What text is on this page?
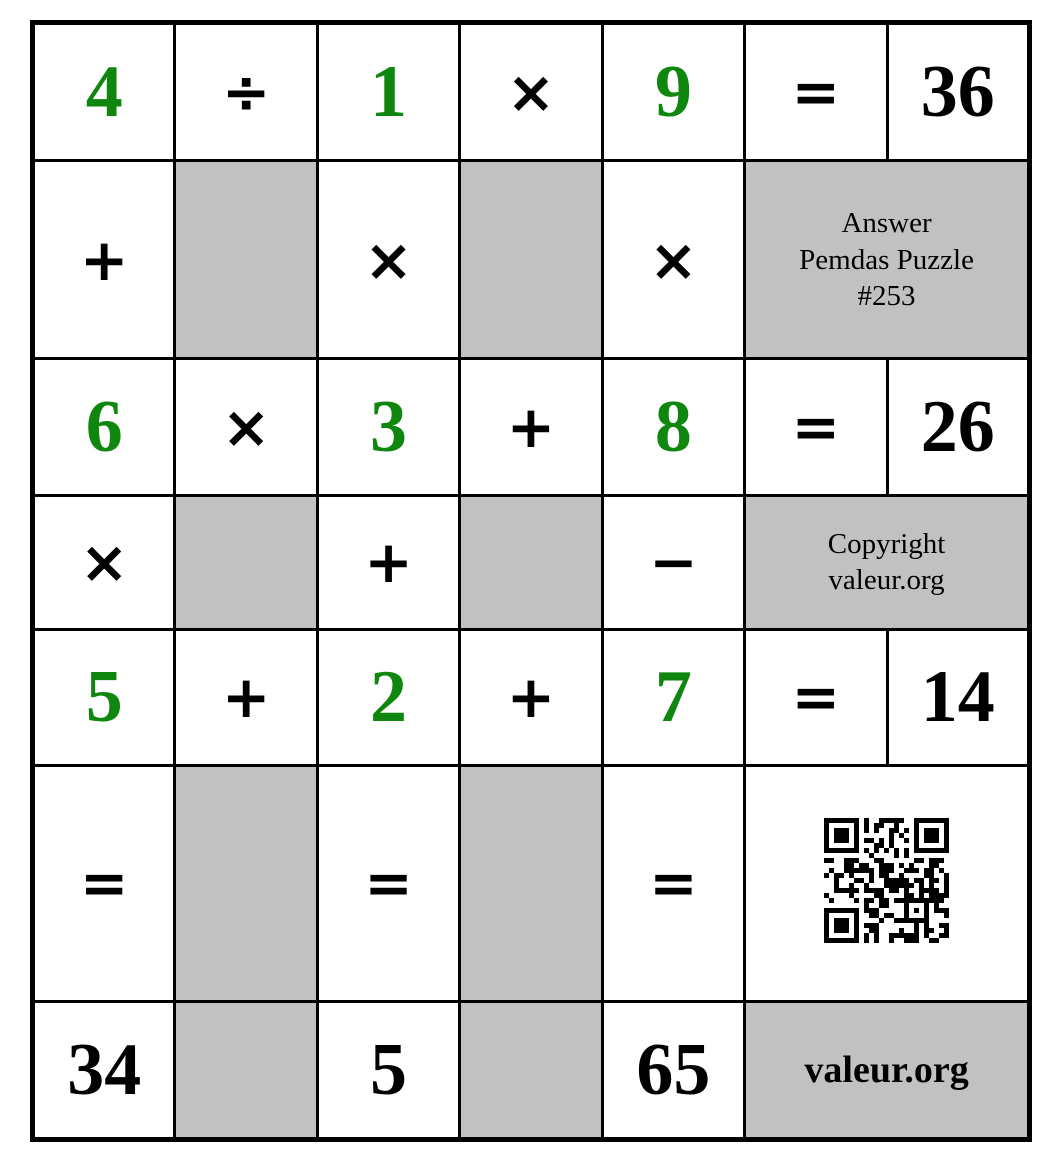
4	÷	1	×	9	=	36
+		×		×	Answer
Pemdas Puzzle
#253	

6	×	3	+	8	=	26
×		+		−	Copyright
valeur.org	

5	+	2	+	7	=	14
=		=		=	
34		5		65	valeur.org	
